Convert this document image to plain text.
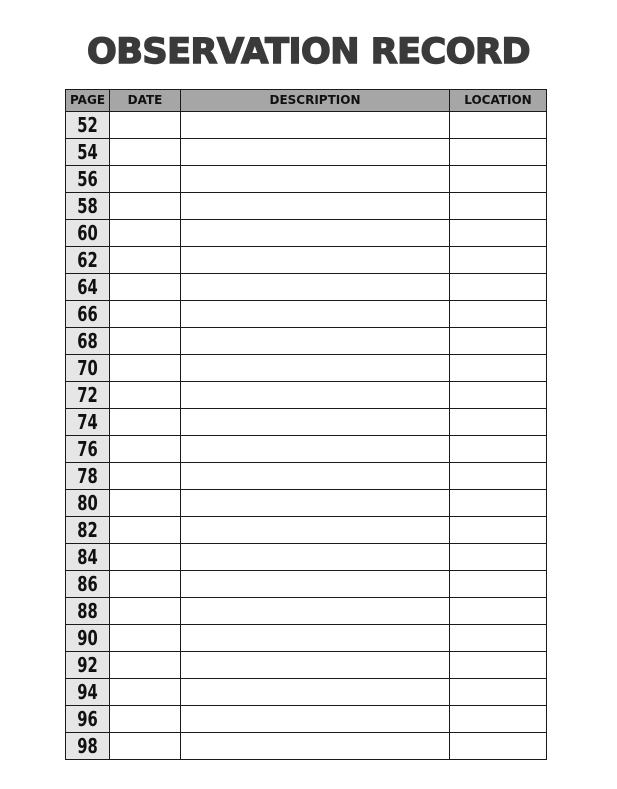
OBSERVATION RECORD
PAGE	DATE	DESCRIPTION	LOCATION
52			
54			
56			
58			
60			
62			
64			
66			
68			
70			
72			
74			
76			
78			
80			
82			
84			
86			
88			
90			
92			
94			
96			
98			
